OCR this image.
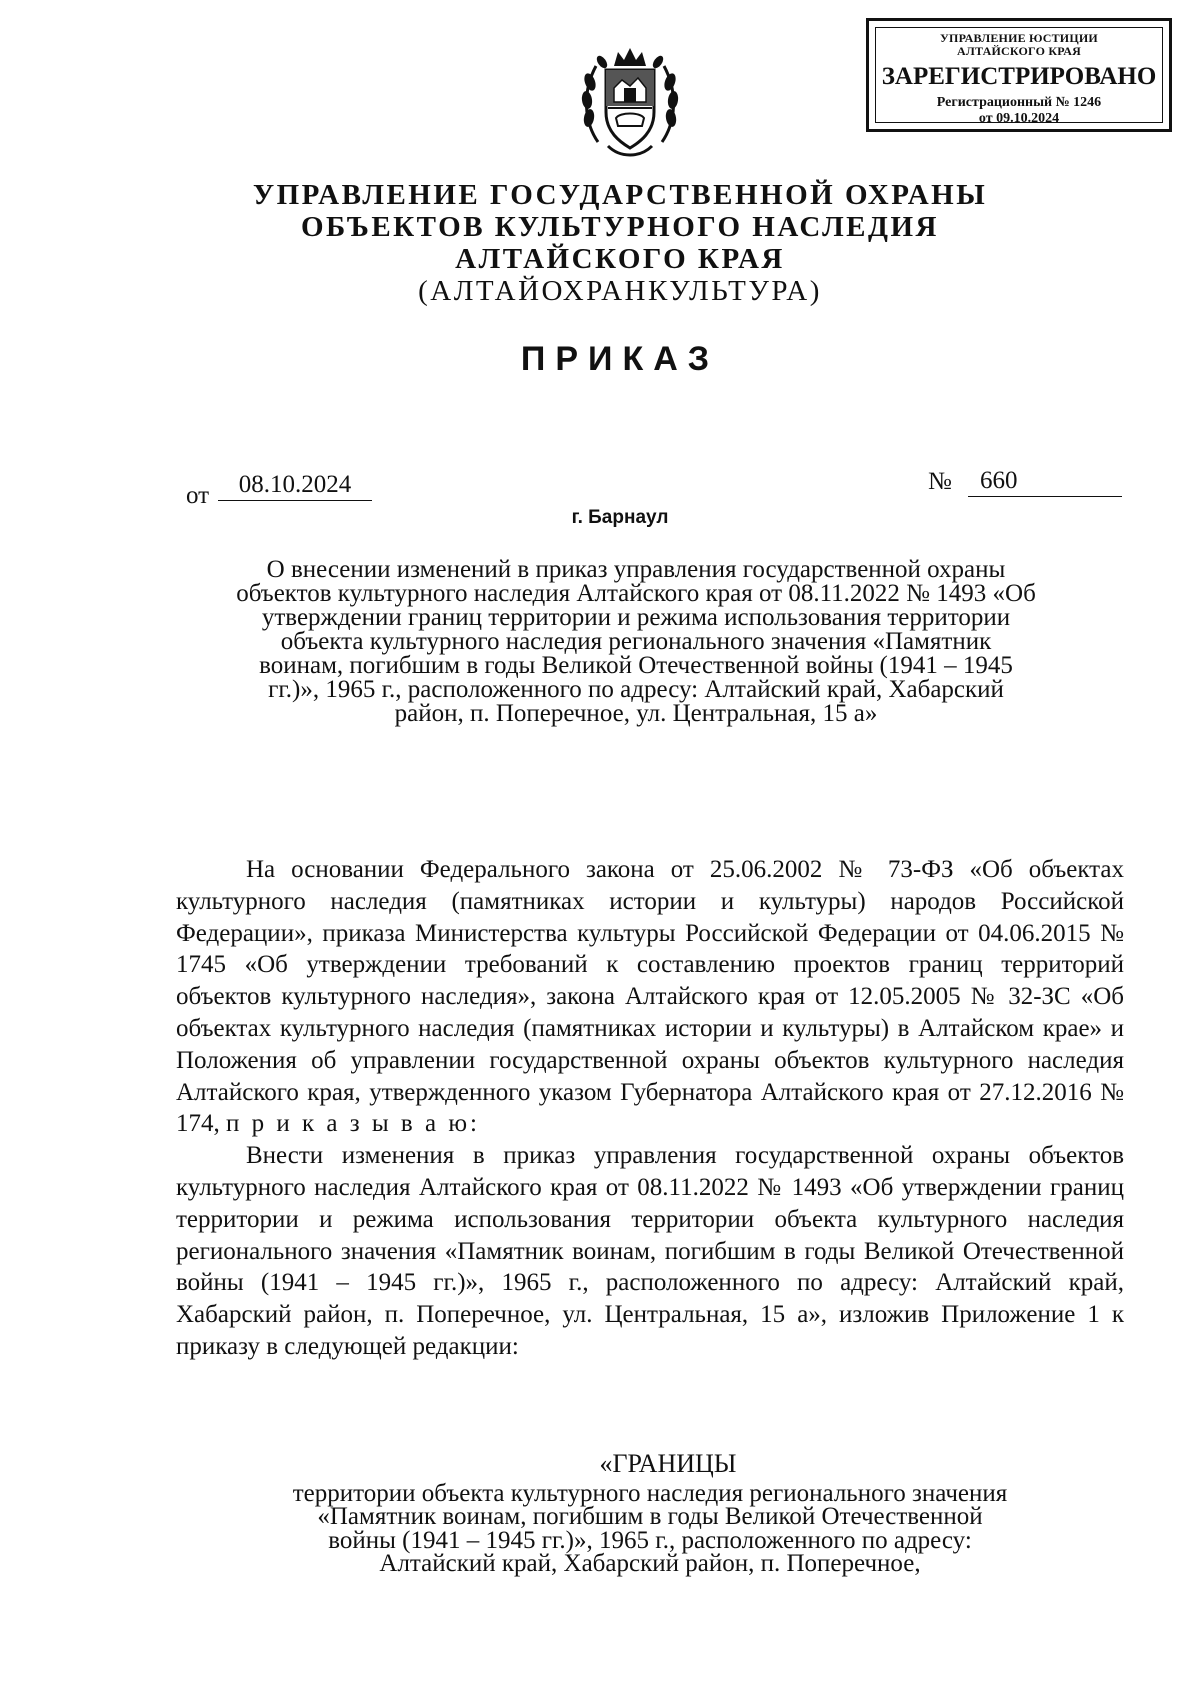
УПРАВЛЕНИЕ ЮСТИЦИИ
АЛТАЙСКОГО КРАЯ
ЗАРЕГИСТРИРОВАНО
Регистрационный № 1246
от 09.10.2024
УПРАВЛЕНИЕ ГОСУДАРСТВЕННОЙ ОХРАНЫ
ОБЪЕКТОВ КУЛЬТУРНОГО НАСЛЕДИЯ
АЛТАЙСКОГО КРАЯ
(АЛТАЙОХРАНКУЛЬТУРА)
ПРИКАЗ
от	08.10.2024	№	660
г. Барнаул
О внесении изменений в приказ управления государственной охраны объектов культурного наследия Алтайского края от 08.11.2022 № 1493 «Об утверждении границ территории и режима использования территории объекта культурного наследия регионального значения «Памятник воинам, погибшим в годы Великой Отечественной войны (1941 – 1945 гг.)», 1965 г., расположенного по адресу: Алтайский край, Хабарский район, п. Поперечное, ул. Центральная, 15 а»

На основании Федерального закона от 25.06.2002 № 73-ФЗ «Об объектах культурного наследия (памятниках истории и культуры) народов Российской Федерации», приказа Министерства культуры Российской Федерации от 04.06.2015 № 1745 «Об утверждении требований к составлению проектов границ территорий объектов культурного наследия», закона Алтайского края от 12.05.2005 № 32-ЗС «Об объектах культурного наследия (памятниках истории и культуры) в Алтайском крае» и Положения об управлении государственной охраны объектов культурного наследия Алтайского края, утвержденного указом Губернатора Алтайского края от 27.12.2016 № 174, п р и к а з ы в а ю:

Внести изменения в приказ управления государственной охраны объектов культурного наследия Алтайского края от 08.11.2022 № 1493 «Об утверждении границ территории и режима использования территории объекта культурного наследия регионального значения «Памятник воинам, погибшим в годы Великой Отечественной войны (1941 – 1945 гг.)», 1965 г., расположенного по адресу: Алтайский край, Хабарский район, п. Поперечное, ул. Центральная, 15 а», изложив Приложение 1 к приказу в следующей редакции:

«ГРАНИЦЫ
территории объекта культурного наследия регионального значения
«Памятник воинам, погибшим в годы Великой Отечественной
войны (1941 – 1945 гг.)», 1965 г., расположенного по адресу:
Алтайский край, Хабарский район, п. Поперечное,
